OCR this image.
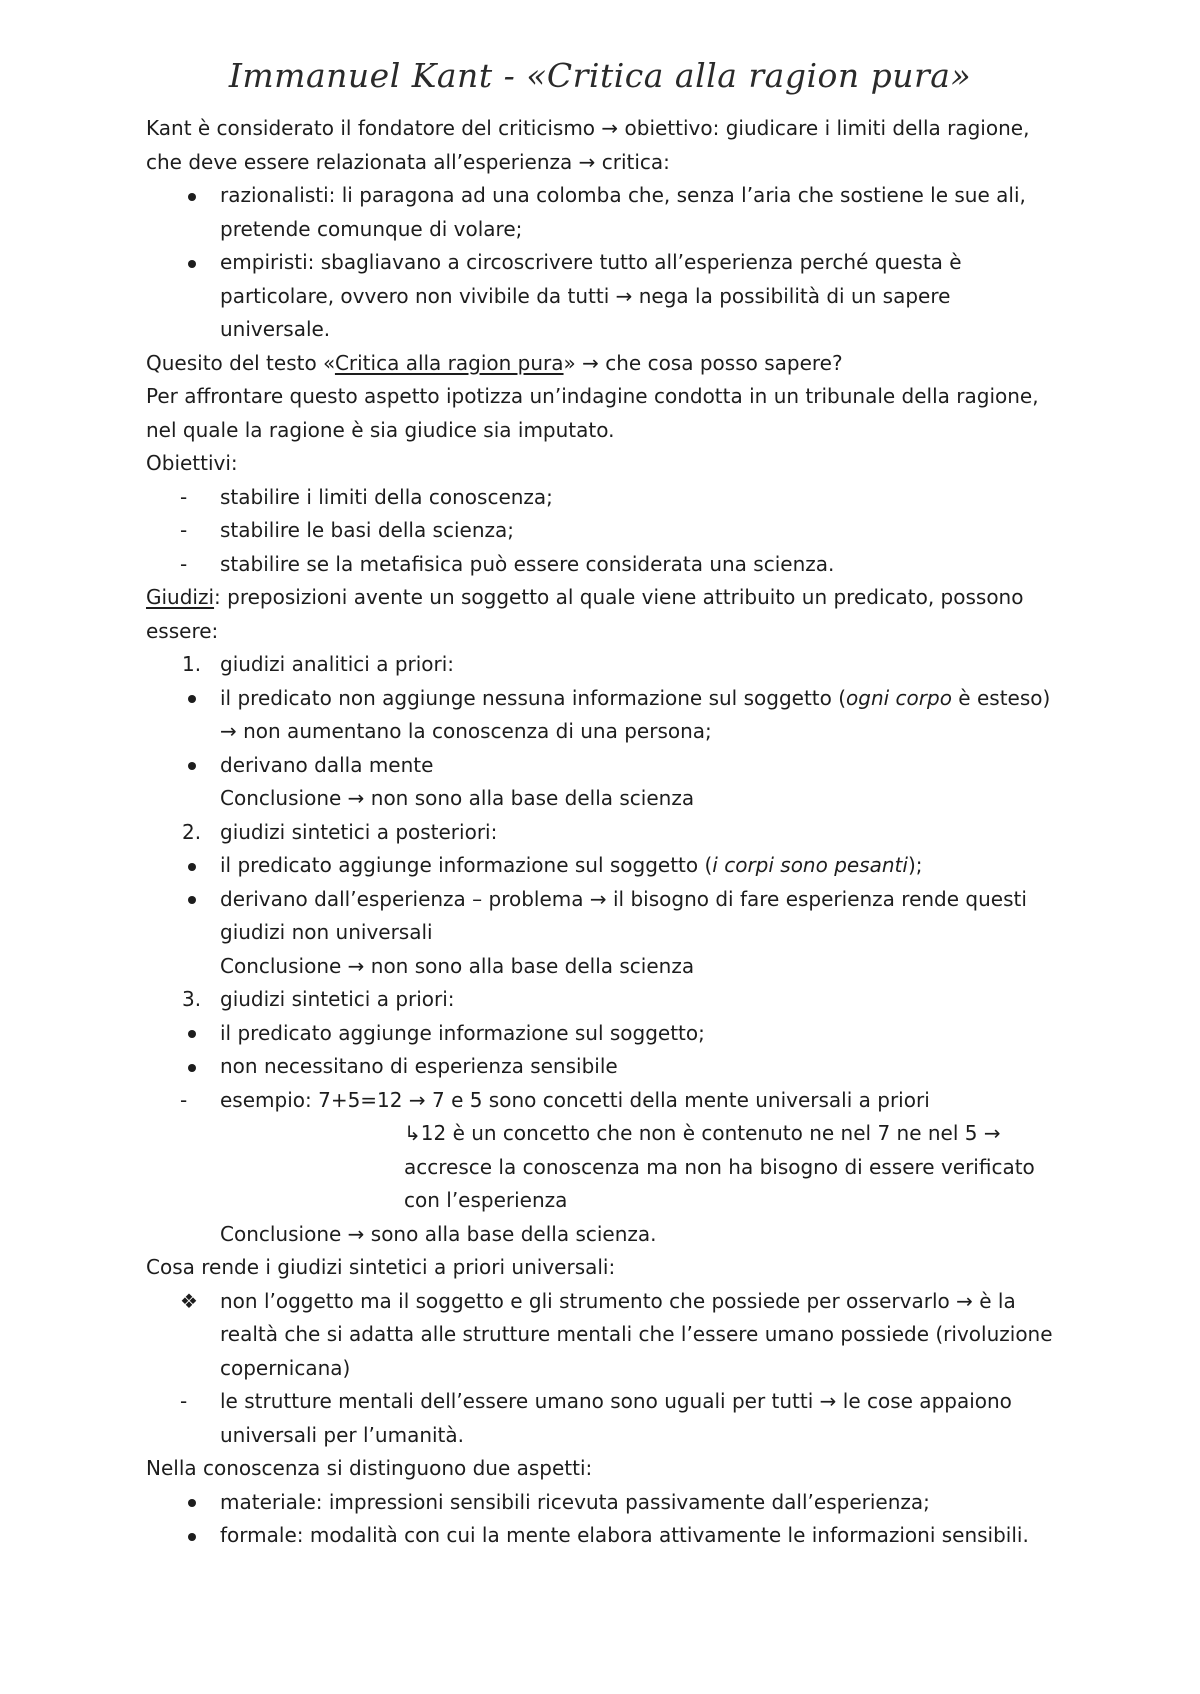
Immanuel Kant - «Critica alla ragion pura»
Kant è considerato il fondatore del criticismo → obiettivo: giudicare i limiti della ragione,
che deve essere relazionata all’esperienza → critica:
razionalisti: li paragona ad una colomba che, senza l’aria che sostiene le sue ali,
pretende comunque di volare;
empiristi: sbagliavano a circoscrivere tutto all’esperienza perché questa è
particolare, ovvero non vivibile da tutti → nega la possibilità di un sapere
universale.
Quesito del testo «Critica alla ragion pura» → che cosa posso sapere?
Per affrontare questo aspetto ipotizza un’indagine condotta in un tribunale della ragione,
nel quale la ragione è sia giudice sia imputato.
Obiettivi:
-	stabilire i limiti della conoscenza;
-	stabilire le basi della scienza;
-	stabilire se la metafisica può essere considerata una scienza.
Giudizi: preposizioni avente un soggetto al quale viene attribuito un predicato, possono
essere:
1. giudizi analitici a priori:
il predicato non aggiunge nessuna informazione sul soggetto (ogni corpo è esteso)
→ non aumentano la conoscenza di una persona;
derivano dalla mente
Conclusione → non sono alla base della scienza
2. giudizi sintetici a posteriori:
il predicato aggiunge informazione sul soggetto (i corpi sono pesanti);
derivano dall’esperienza – problema → il bisogno di fare esperienza rende questi
giudizi non universali
Conclusione → non sono alla base della scienza
3. giudizi sintetici a priori:
il predicato aggiunge informazione sul soggetto;
non necessitano di esperienza sensibile
-	esempio: 7+5=12 → 7 e 5 sono concetti della mente universali a priori
↳12 è un concetto che non è contenuto ne nel 7 ne nel 5 →
accresce la conoscenza ma non ha bisogno di essere verificato
con l’esperienza
Conclusione → sono alla base della scienza.
Cosa rende i giudizi sintetici a priori universali:
❖	non l’oggetto ma il soggetto e gli strumento che possiede per osservarlo → è la
realtà che si adatta alle strutture mentali che l’essere umano possiede (rivoluzione
copernicana)
-	le strutture mentali dell’essere umano sono uguali per tutti → le cose appaiono
universali per l’umanità.
Nella conoscenza si distinguono due aspetti:
materiale: impressioni sensibili ricevuta passivamente dall’esperienza;
formale: modalità con cui la mente elabora attivamente le informazioni sensibili.
